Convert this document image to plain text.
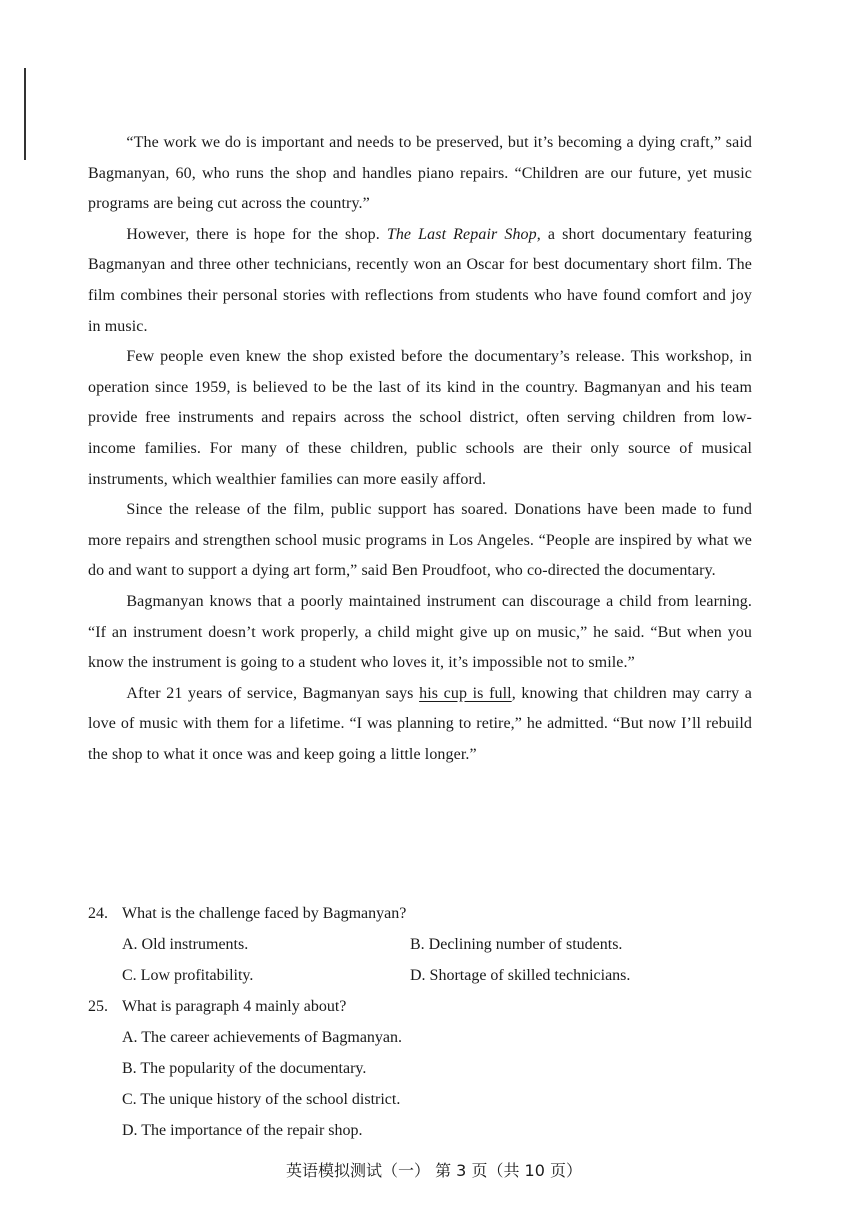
“The work we do is important and needs to be preserved, but it’s becoming a dying craft,” said Bagmanyan, 60, who runs the shop and handles piano repairs. “Children are our future, yet music programs are being cut across the country.”

However, there is hope for the shop. The Last Repair Shop, a short documentary featuring Bagmanyan and three other technicians, recently won an Oscar for best documentary short film. The film combines their personal stories with reflections from students who have found comfort and joy in music.

Few people even knew the shop existed before the documentary’s release. This workshop, in operation since 1959, is believed to be the last of its kind in the country. Bagmanyan and his team provide free instruments and repairs across the school district, often serving children from low-income families. For many of these children, public schools are their only source of musical instruments, which wealthier families can more easily afford.

Since the release of the film, public support has soared. Donations have been made to fund more repairs and strengthen school music programs in Los Angeles. “People are inspired by what we do and want to support a dying art form,” said Ben Proudfoot, who co-directed the documentary.

Bagmanyan knows that a poorly maintained instrument can discourage a child from learning. “If an instrument doesn’t work properly, a child might give up on music,” he said. “But when you know the instrument is going to a student who loves it, it’s impossible not to smile.”

After 21 years of service, Bagmanyan says his cup is full, knowing that children may carry a love of music with them for a lifetime. “I was planning to retire,” he admitted. “But now I’ll rebuild the shop to what it once was and keep going a little longer.”

24. What is the challenge faced by Bagmanyan?

A. Old instruments.	B. Declining number of students.
C. Low profitability.	D. Shortage of skilled technicians.

25. What is paragraph 4 mainly about?

A. The career achievements of Bagmanyan.
B. The popularity of the documentary.
C. The unique history of the school district.
D. The importance of the repair shop.
英语模拟测试（一） 第 3 页（共 10 页）
